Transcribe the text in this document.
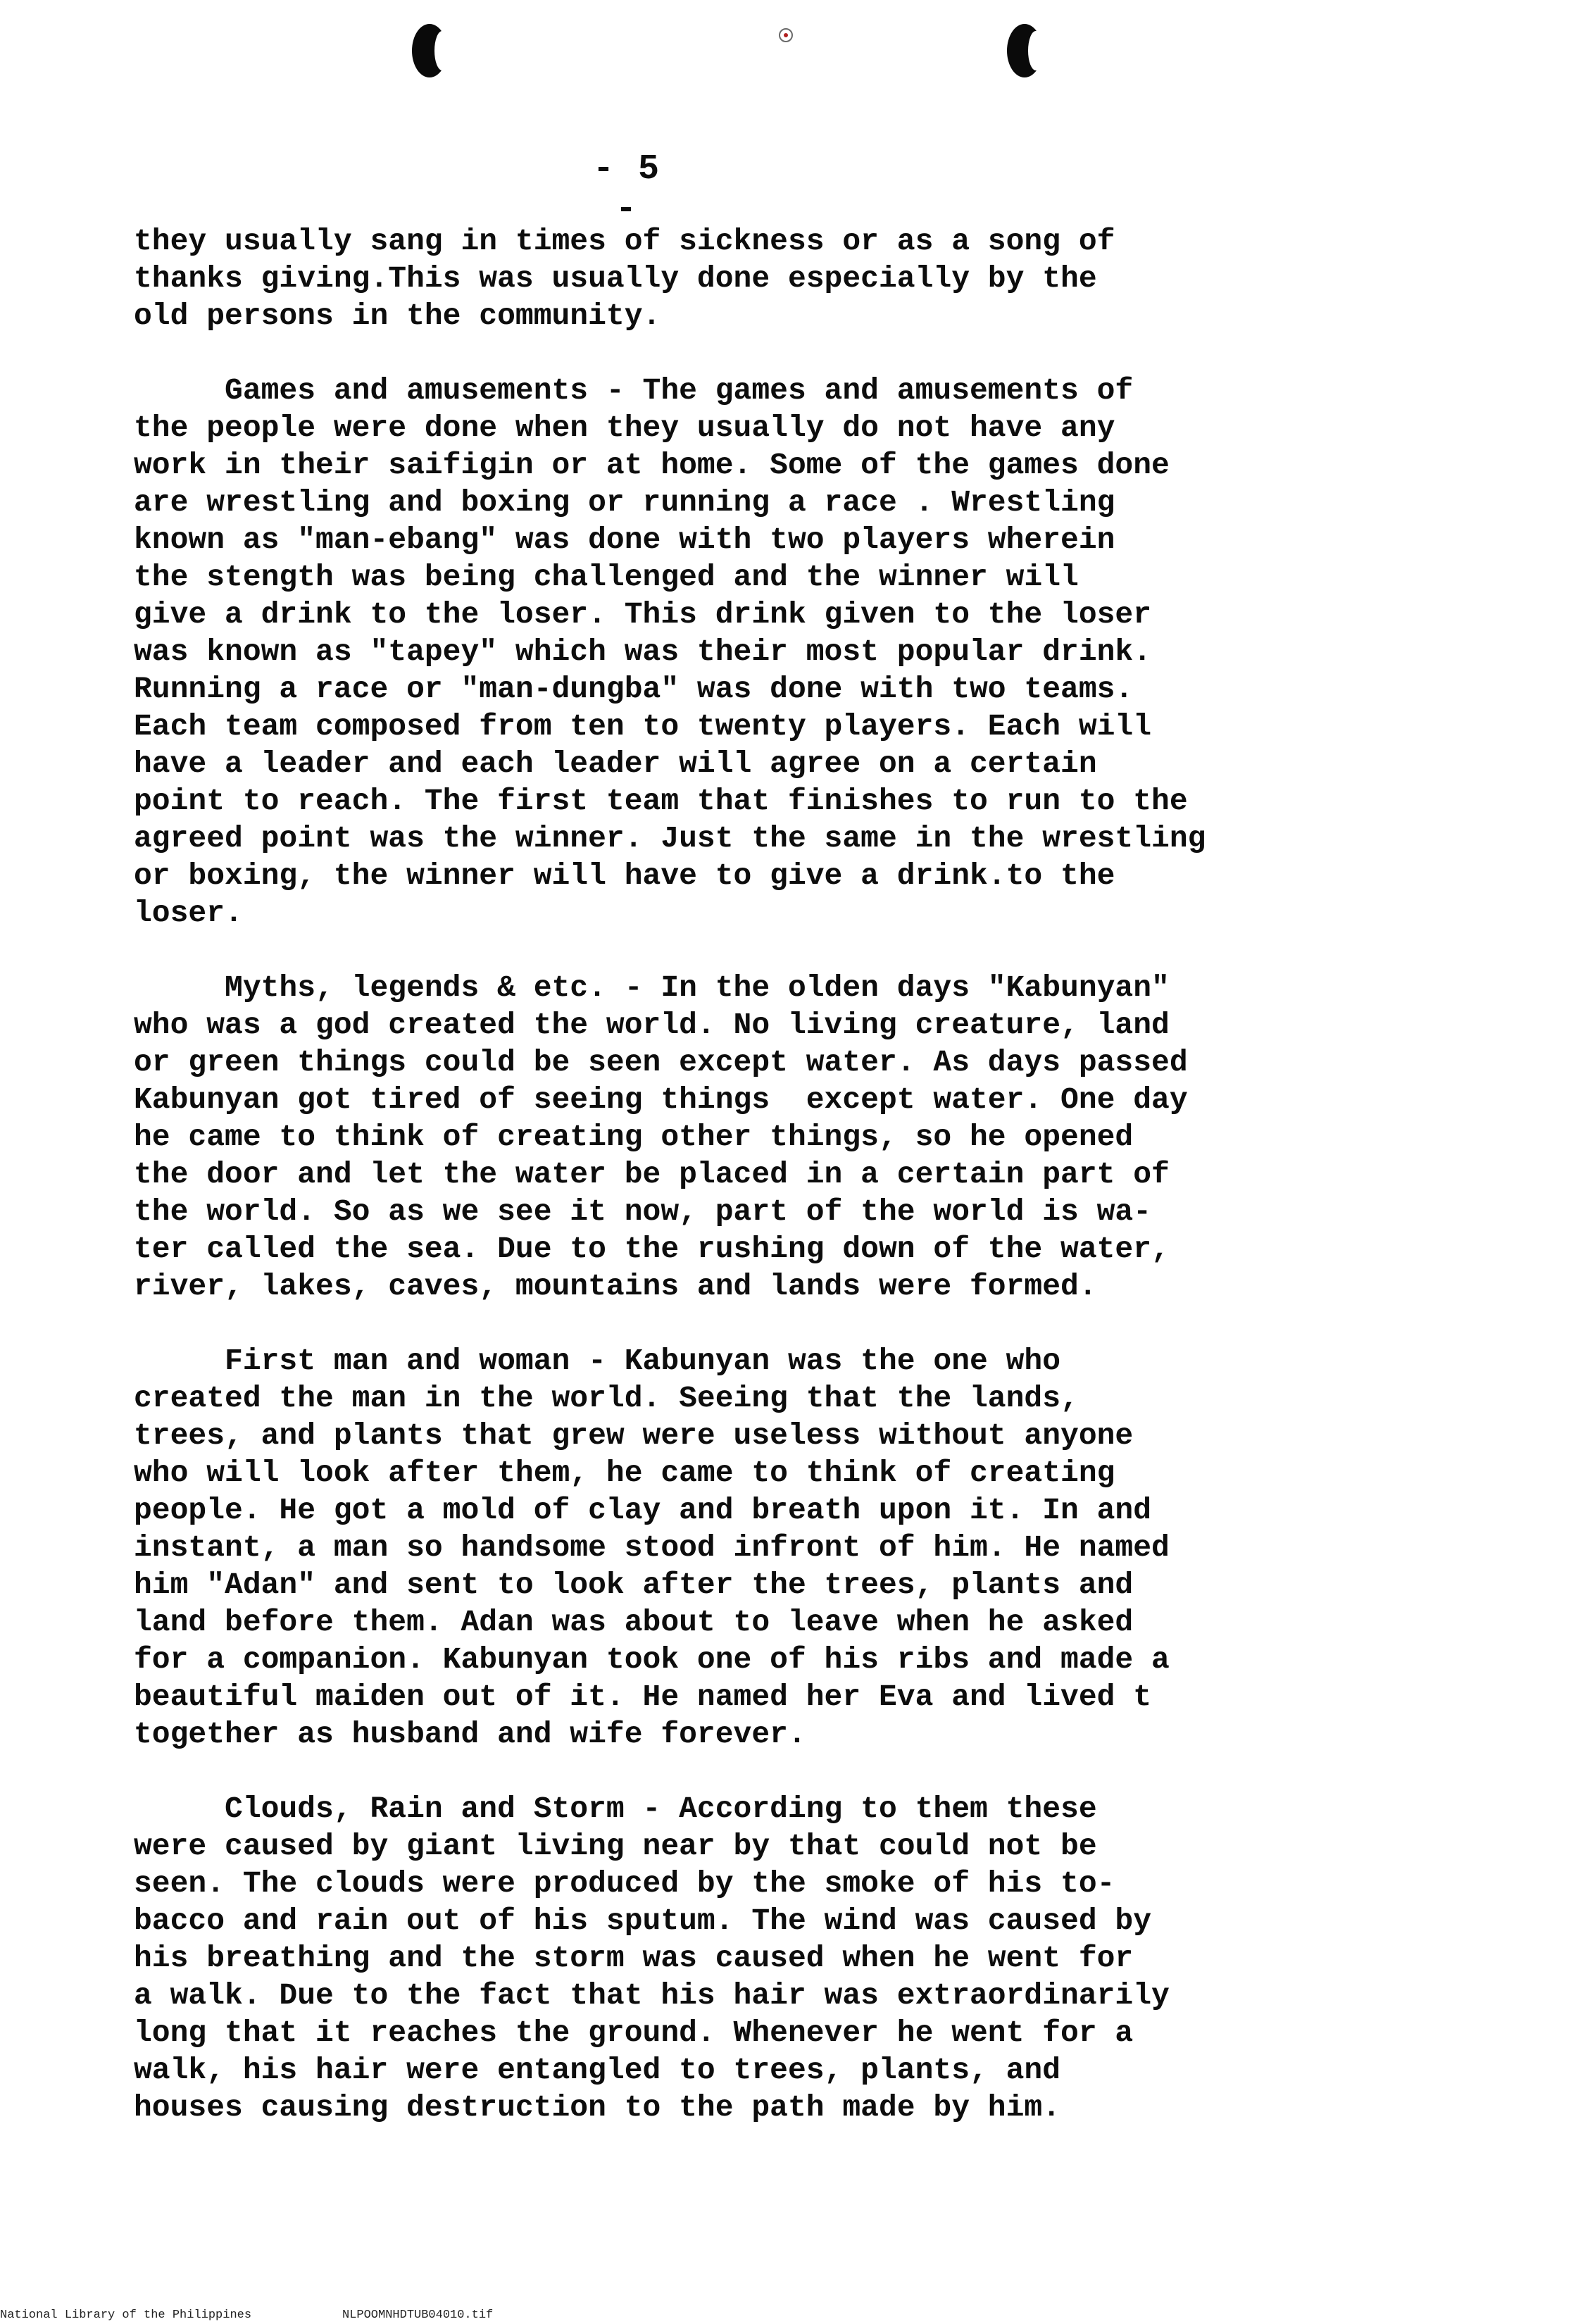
- 5 -
they usually sang in times of sickness or as a song of
thanks giving.This was usually done especially by the
old persons in the community.
Games and amusements - The games and amusements of
the people were done when they usually do not have any
work in their saifigin or at home. Some of the games done
are wrestling and boxing or running a race . Wrestling
known as "man-ebang" was done with two players wherein
the stength was being challenged and the winner will
give a drink to the loser. This drink given to the loser
was known as "tapey" which was their most popular drink.
Running a race or "man-dungba" was done with two teams.
Each team composed from ten to twenty players. Each will
have a leader and each leader will agree on a certain
point to reach. The first team that finishes to run to the
agreed point was the winner. Just the same in the wrestling
or boxing, the winner will have to give a drink.to the
loser.
Myths, legends & etc. - In the olden days "Kabunyan"
who was a god created the world. No living creature, land
or green things could be seen except water. As days passed
Kabunyan got tired of seeing things  except water. One day
he came to think of creating other things, so he opened
the door and let the water be placed in a certain part of
the world. So as we see it now, part of the world is wa-
ter called the sea. Due to the rushing down of the water,
river, lakes, caves, mountains and lands were formed.
First man and woman - Kabunyan was the one who
created the man in the world. Seeing that the lands,
trees, and plants that grew were useless without anyone
who will look after them, he came to think of creating
people. He got a mold of clay and breath upon it. In and
instant, a man so handsome stood infront of him. He named
him "Adan" and sent to look after the trees, plants and
land before them. Adan was about to leave when he asked
for a companion. Kabunyan took one of his ribs and made a
beautiful maiden out of it. He named her Eva and lived t
together as husband and wife forever.
Clouds, Rain and Storm - According to them these
were caused by giant living near by that could not be
seen. The clouds were produced by the smoke of his to-
bacco and rain out of his sputum. The wind was caused by
his breathing and the storm was caused when he went for
a walk. Due to the fact that his hair was extraordinarily
long that it reaches the ground. Whenever he went for a
walk, his hair were entangled to trees, plants, and
houses causing destruction to the path made by him.
National Library of the Philippines	NLPOOMNHDTUB04010.tif
